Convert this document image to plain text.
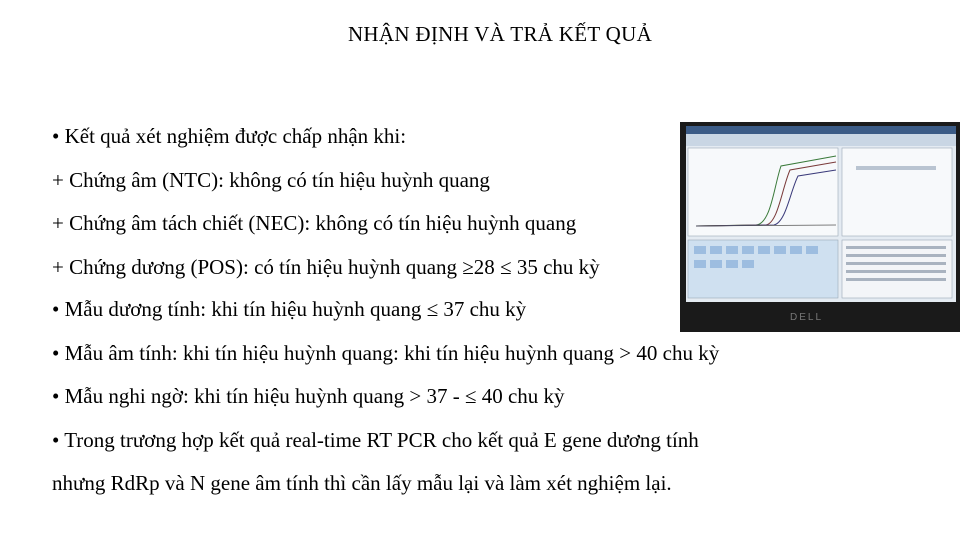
NHẬN ĐỊNH VÀ TRẢ KẾT QUẢ
• Kết quả xét nghiệm được chấp nhận khi:
+ Chứng âm (NTC): không có tín hiệu huỳnh quang
+ Chứng âm tách chiết (NEC): không có tín hiệu huỳnh quang
+ Chứng dương (POS): có tín hiệu huỳnh quang ≥28 ≤ 35 chu kỳ
• Mẫu dương tính: khi tín hiệu huỳnh quang ≤ 37 chu kỳ
• Mẫu âm tính: khi tín hiệu huỳnh quang: khi tín hiệu huỳnh quang > 40 chu kỳ
• Mẫu nghi ngờ: khi tín hiệu huỳnh quang > 37 - ≤ 40 chu kỳ
• Trong trương hợp kết quả real-time RT PCR cho kết quả E gene dương tính
nhưng RdRp và N gene âm tính thì cần lấy mẫu lại và làm xét nghiệm lại.
DELL
